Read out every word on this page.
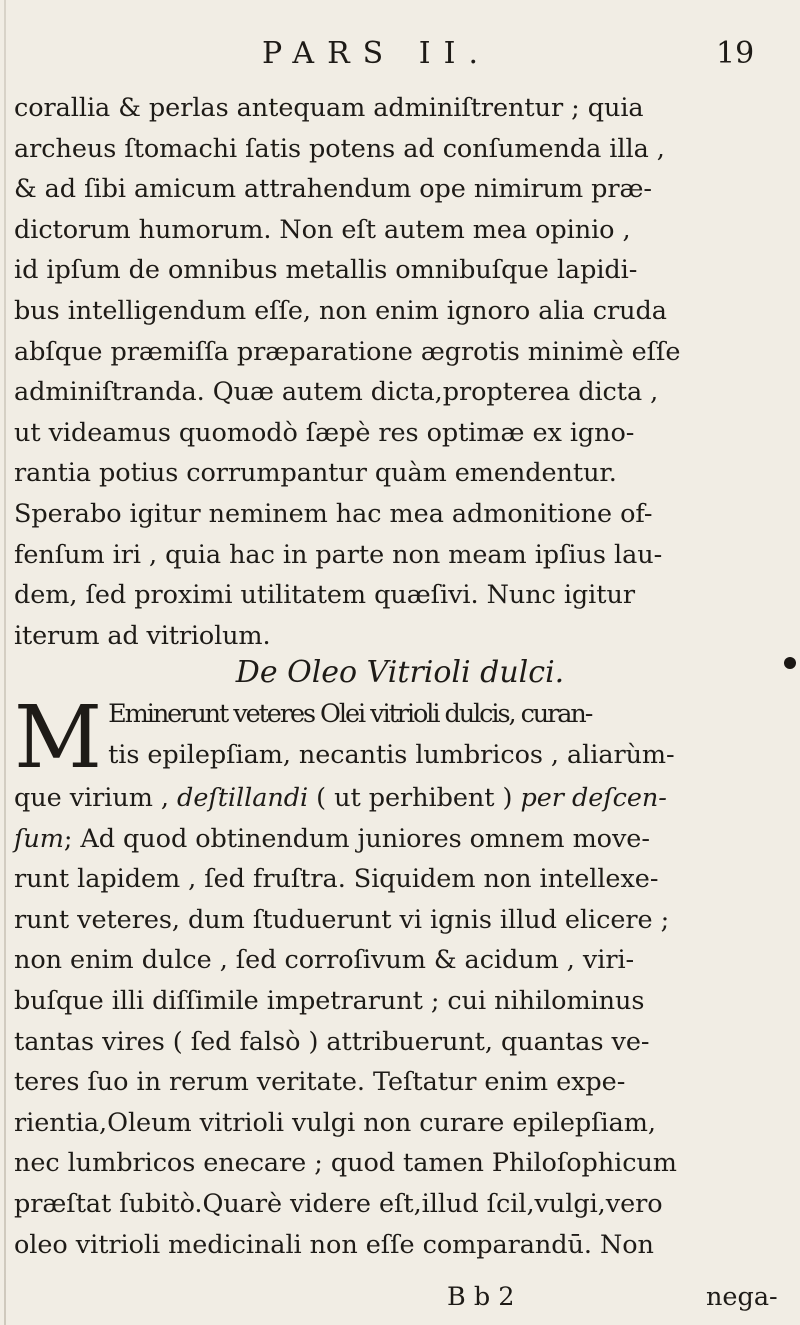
PARS II.	19
corallia & perlas antequam adminiſtrentur ; quia
archeus ſtomachi ſatis potens ad conſumenda illa ,
& ad ſibi amicum attrahendum ope nimirum præ-
dictorum humorum. Non eſt autem mea opinio ,
id ipſum de omnibus metallis omnibuſque lapidi-
bus intelligendum eſſe, non enim ignoro alia cruda
abſque præmiſſa præparatione ægrotis minimè eſſe
adminiſtranda. Quæ autem dicta,propterea dicta ,
ut videamus quomodò ſæpè res optimæ ex igno-
rantia potius corrumpantur quàm emendentur.
Sperabo igitur neminem hac mea admonitione of-
fenſum iri , quia hac in parte non meam ipſius lau-
dem, ſed proximi utilitatem quæſivi. Nunc igitur
iterum ad vitriolum.
De Oleo Vitrioli dulci.
M Eminerunt veteres Olei vitrioli dulcis, curan-
tis epilepſiam, necantis lumbricos , aliarùm-
que virium , deſtillandi ( ut perhibent ) per deſcen-
ſum; Ad quod obtinendum juniores omnem move-
runt lapidem , ſed fruſtra. Siquidem non intellexe-
runt veteres, dum ſtuduerunt vi ignis illud elicere ;
non enim dulce , ſed corroſivum & acidum , viri-
buſque illi diſſimile impetrarunt ; cui nihilominus
tantas vires ( ſed falsò ) attribuerunt, quantas ve-
teres ſuo in rerum veritate. Teſtatur enim expe-
rientia,Oleum vitrioli vulgi non curare epilepſiam,
nec lumbricos enecare ; quod tamen Philoſophicum
præſtat ſubitò.Quarè videre eſt,illud ſcil,vulgi,vero
oleo vitrioli medicinali non eſſe comparandū. Non
B b 2	nega-
